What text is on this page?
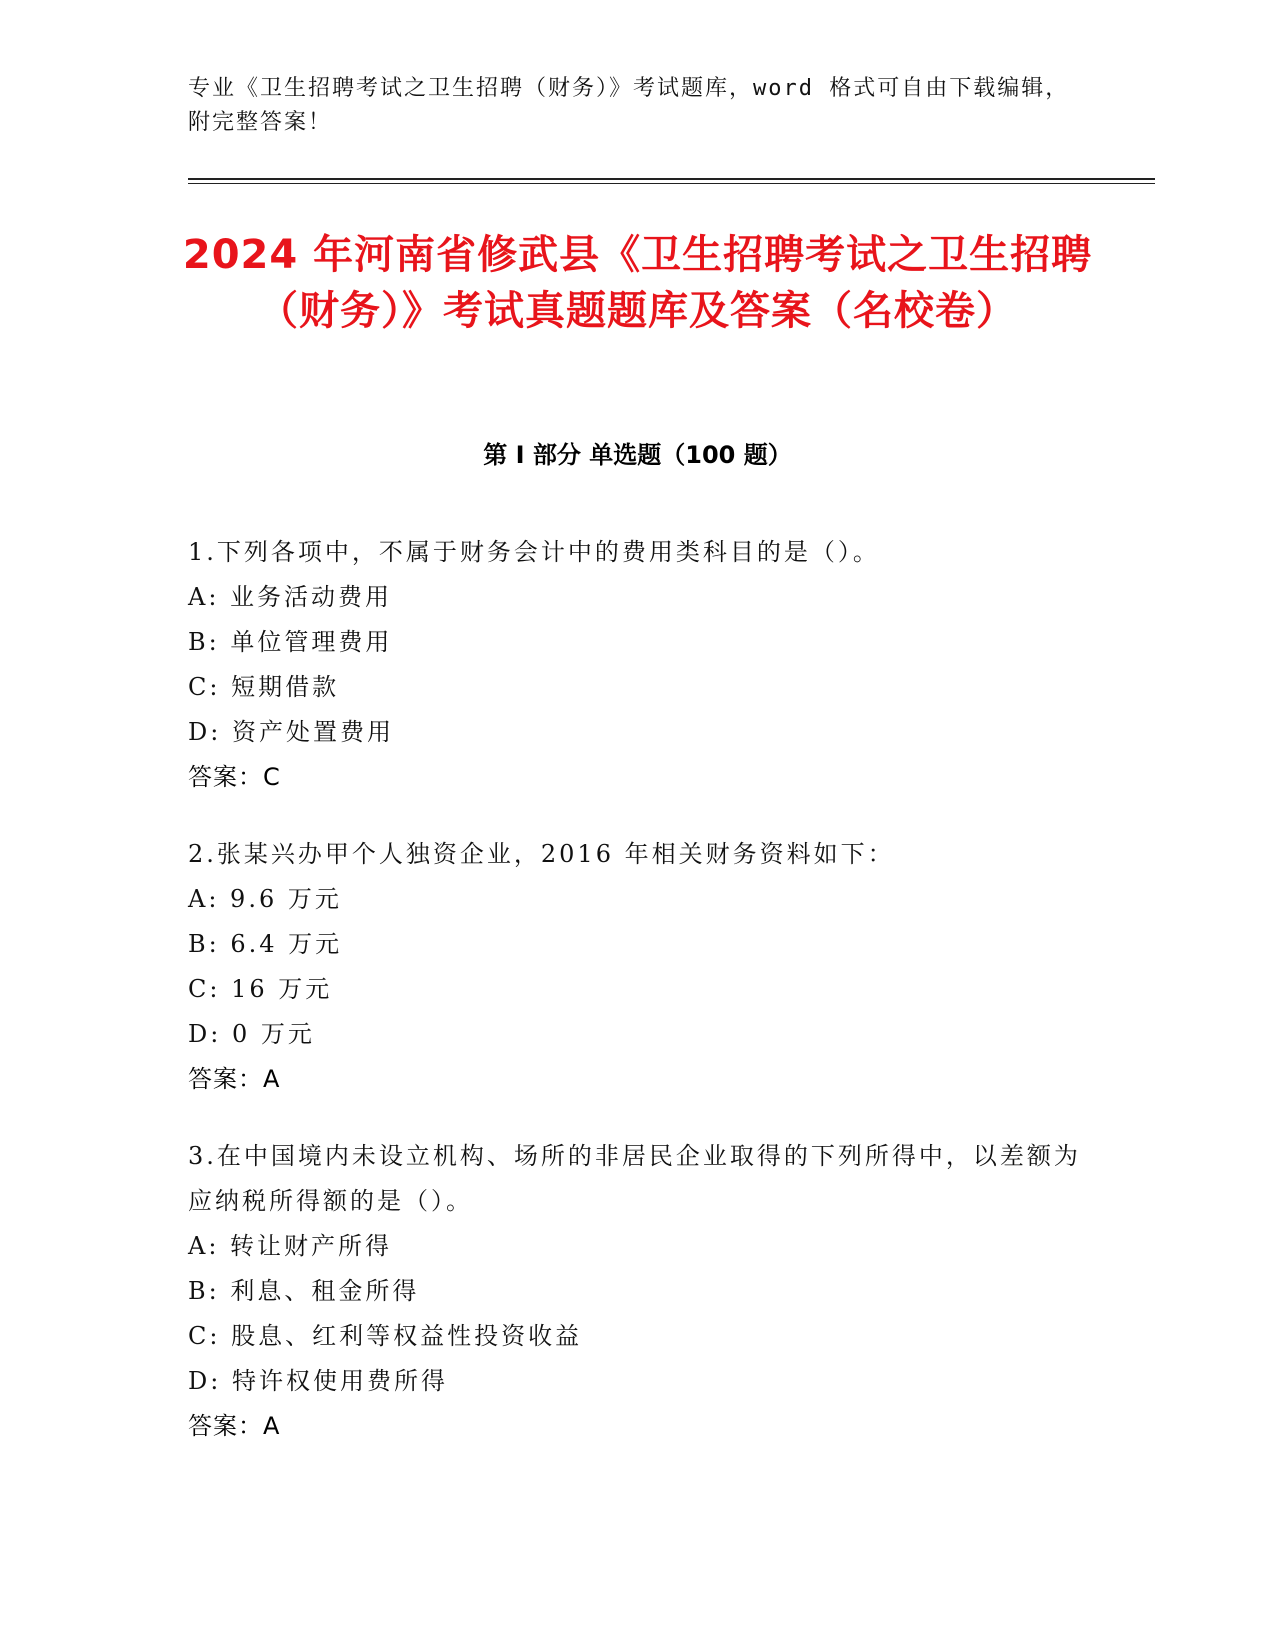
专业《卫生招聘考试之卫生招聘（财务）》考试题库，word 格式可自由下载编辑，附完整答案！
2024 年河南省修武县《卫生招聘考试之卫生招聘（财务）》考试真题题库及答案（名校卷）
第 I 部分 单选题（100 题）
1.下列各项中，不属于财务会计中的费用类科目的是（）。
A: 业务活动费用
B: 单位管理费用
C: 短期借款
D: 资产处置费用
答案：C
2.张某兴办甲个人独资企业，2016 年相关财务资料如下：
A: 9.6 万元
B: 6.4 万元
C: 16 万元
D: 0 万元
答案：A
3.在中国境内未设立机构、场所的非居民企业取得的下列所得中，以差额为应纳税所得额的是（）。
A: 转让财产所得
B: 利息、租金所得
C: 股息、红利等权益性投资收益
D: 特许权使用费所得
答案：A
